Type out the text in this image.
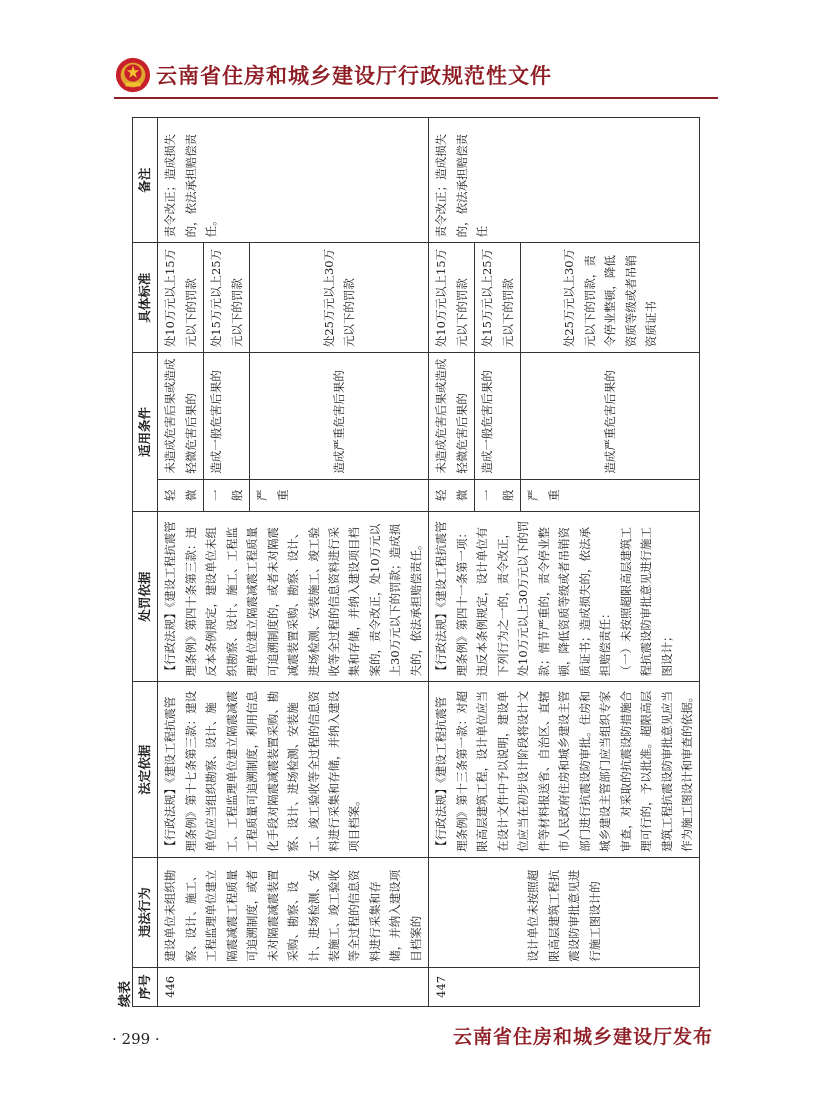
云南省住房和城乡建设厅行政规范性文件
续表 序号	违法行为	法定依据	处罚依据	适用条件		具体标准	备注
446	建设单位未组织勘察、设计、施工、工程监理单位建立隔震减震工程质量可追溯制度，或者未对隔震减震装置采购、勘察、设计、进场检测、安装施工、竣工验收等全过程的信息资料进行采集和存储，并纳入建设项目档案的	【行政法规】《建设工程抗震管理条例》第十七条第三款：建设单位应当组织勘察、设计、施工、工程监理单位建立隔震减震工程质量可追溯制度，利用信息化手段对隔震减震装置采购、勘察、设计、进场检测、安装施工、竣工验收等全过程的信息资料进行采集和存储，并纳入建设项目档案。	【行政法规】《建设工程抗震管理条例》第四十条第三款：违反本条例规定，建设单位未组织勘察、设计、施工、工程监理单位建立隔震减震工程质量可追溯制度的，或者未对隔震减震装置采购、勘察、设计、进场检测、安装施工、竣工验收等全过程的信息资料进行采集和存储，并纳入建设项目档案的，责令改正，处10万元以上30万元以下的罚款；造成损失的，依法承担赔偿责任。	轻微	未造成危害后果或造成轻微危害后果的	处10万元以上15万元以下的罚款	责令改正；造成损失的，依法承担赔偿责任。
				一般	造成一般危害后果的	处15万元以上25万元以下的罚款	
				严重	造成严重危害后果的	处25万元以上30万元以下的罚款	
447	设计单位未按照超限高层建筑工程抗震设防审批意见进行施工图设计的	【行政法规】《建设工程抗震管理条例》第十三条第一款：对超限高层建筑工程，设计单位应当在设计文件中予以说明，建设单位应当在初步设计阶段将设计文件等材料报送省、自治区、直辖市人民政府住房和城乡建设主管部门进行抗震设防审批。住房和城乡建设主管部门应当组织专家审查，对采取的抗震设防措施合理可行的，予以批准。超限高层建筑工程抗震设防审批意见应当作为施工图设计和审查的依据。	【行政法规】《建设工程抗震管理条例》第四十一条第一项：违反本条例规定，设计单位有下列行为之一的，责令改正，处10万元以上30万元以下的罚款；情节严重的，责令停业整顿，降低资质等级或者吊销资质证书；造成损失的，依法承担赔偿责任： （一）未按照超限高层建筑工程抗震设防审批意见进行施工图设计；	轻微	未造成危害后果或造成轻微危害后果的	处10万元以上15万元以下的罚款	责令改正；造成损失的，依法承担赔偿责任
				一般	造成一般危害后果的	处15万元以上25万元以下的罚款	
				严重	造成严重危害后果的	处25万元以上30万元以下的罚款，责令停业整顿，降低资质等级或者吊销资质证书	
· 299 ·	云南省住房和城乡建设厅发布
